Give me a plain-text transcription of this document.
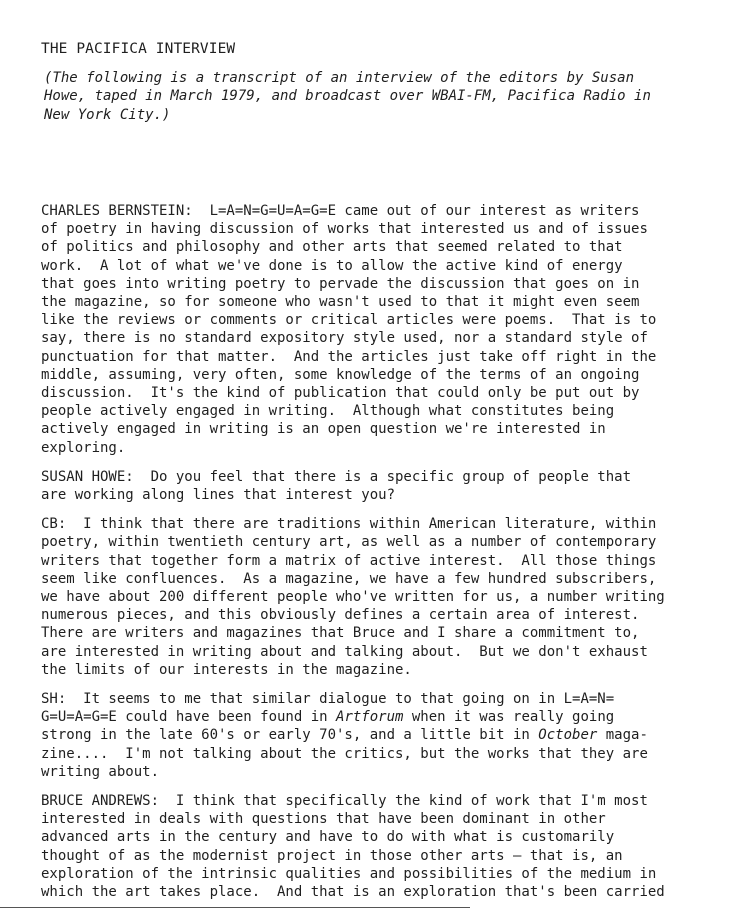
THE PACIFICA INTERVIEW
(The following is a transcript of an interview of the editors by Susan
Howe, taped in March 1979, and broadcast over WBAI-FM, Pacifica Radio in
New York City.)
CHARLES BERNSTEIN:  L=A=N=G=U=A=G=E came out of our interest as writers
of poetry in having discussion of works that interested us and of issues
of politics and philosophy and other arts that seemed related to that
work.  A lot of what we've done is to allow the active kind of energy
that goes into writing poetry to pervade the discussion that goes on in
the magazine, so for someone who wasn't used to that it might even seem
like the reviews or comments or critical articles were poems.  That is to
say, there is no standard expository style used, nor a standard style of
punctuation for that matter.  And the articles just take off right in the
middle, assuming, very often, some knowledge of the terms of an ongoing
discussion.  It's the kind of publication that could only be put out by
people actively engaged in writing.  Although what constitutes being
actively engaged in writing is an open question we're interested in
exploring.
SUSAN HOWE:  Do you feel that there is a specific group of people that
are working along lines that interest you?
CB:  I think that there are traditions within American literature, within
poetry, within twentieth century art, as well as a number of contemporary
writers that together form a matrix of active interest.  All those things
seem like confluences.  As a magazine, we have a few hundred subscribers,
we have about 200 different people who've written for us, a number writing
numerous pieces, and this obviously defines a certain area of interest.
There are writers and magazines that Bruce and I share a commitment to,
are interested in writing about and talking about.  But we don't exhaust
the limits of our interests in the magazine.
SH:  It seems to me that similar dialogue to that going on in L=A=N=
G=U=A=G=E could have been found in Artforum when it was really going
strong in the late 60's or early 70's, and a little bit in October maga-
zine....  I'm not talking about the critics, but the works that they are
writing about.
BRUCE ANDREWS:  I think that specifically the kind of work that I'm most
interested in deals with questions that have been dominant in other
advanced arts in the century and have to do with what is customarily
thought of as the modernist project in those other arts — that is, an
exploration of the intrinsic qualities and possibilities of the medium in
which the art takes place.  And that is an exploration that's been carried
